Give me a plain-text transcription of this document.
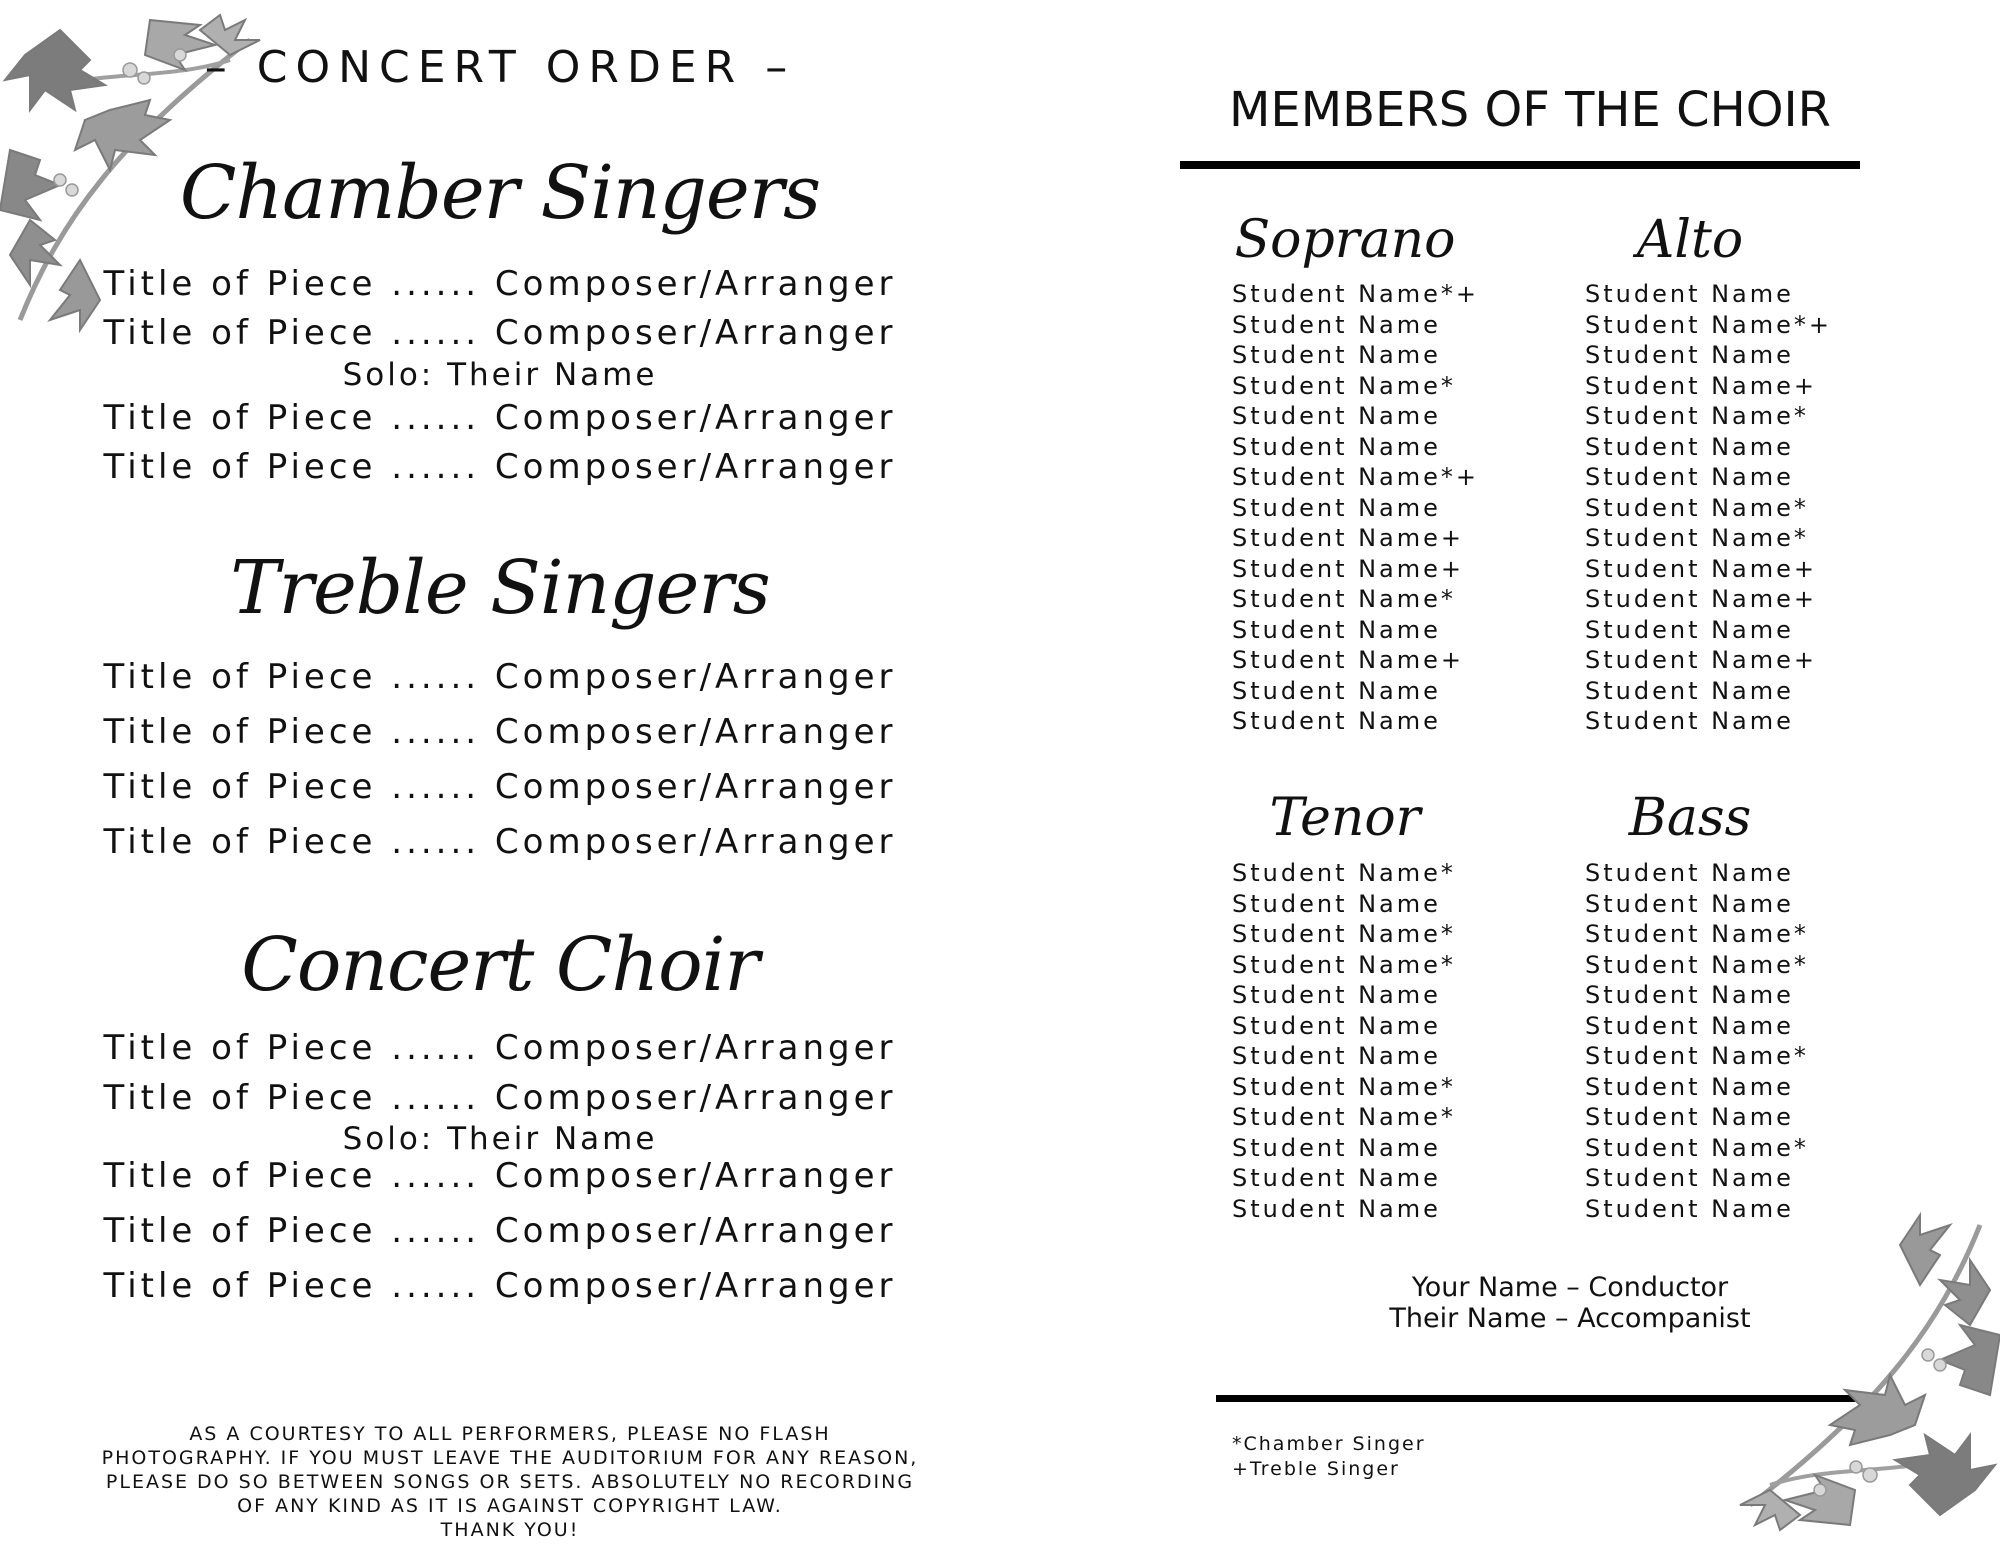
– CONCERT ORDER –
Chamber Singers
Title of Piece ...... Composer/Arranger
Title of Piece ...... Composer/Arranger
Solo: Their Name
Title of Piece ...... Composer/Arranger
Title of Piece ...... Composer/Arranger
Treble Singers
Title of Piece ...... Composer/Arranger
Title of Piece ...... Composer/Arranger
Title of Piece ...... Composer/Arranger
Title of Piece ...... Composer/Arranger
Concert Choir
Title of Piece ...... Composer/Arranger
Title of Piece ...... Composer/Arranger
Solo: Their Name
Title of Piece ...... Composer/Arranger
Title of Piece ...... Composer/Arranger
Title of Piece ...... Composer/Arranger
AS A COURTESY TO ALL PERFORMERS, PLEASE NO FLASH
PHOTOGRAPHY. IF YOU MUST LEAVE THE AUDITORIUM FOR ANY REASON,
PLEASE DO SO BETWEEN SONGS OR SETS. ABSOLUTELY NO RECORDING
OF ANY KIND AS IT IS AGAINST COPYRIGHT LAW.
THANK YOU!
MEMBERS OF THE CHOIR
Soprano
Student Name*+
Student Name
Student Name
Student Name*
Student Name
Student Name
Student Name*+
Student Name
Student Name+
Student Name+
Student Name*
Student Name
Student Name+
Student Name
Student Name
Alto
Student Name
Student Name*+
Student Name
Student Name+
Student Name*
Student Name
Student Name
Student Name*
Student Name*
Student Name+
Student Name+
Student Name
Student Name+
Student Name
Student Name
Tenor
Student Name*
Student Name
Student Name*
Student Name*
Student Name
Student Name
Student Name
Student Name*
Student Name*
Student Name
Student Name
Student Name
Bass
Student Name
Student Name
Student Name*
Student Name*
Student Name
Student Name
Student Name*
Student Name
Student Name
Student Name*
Student Name
Student Name
Your Name – Conductor
Their Name – Accompanist
*Chamber Singer
+Treble Singer
